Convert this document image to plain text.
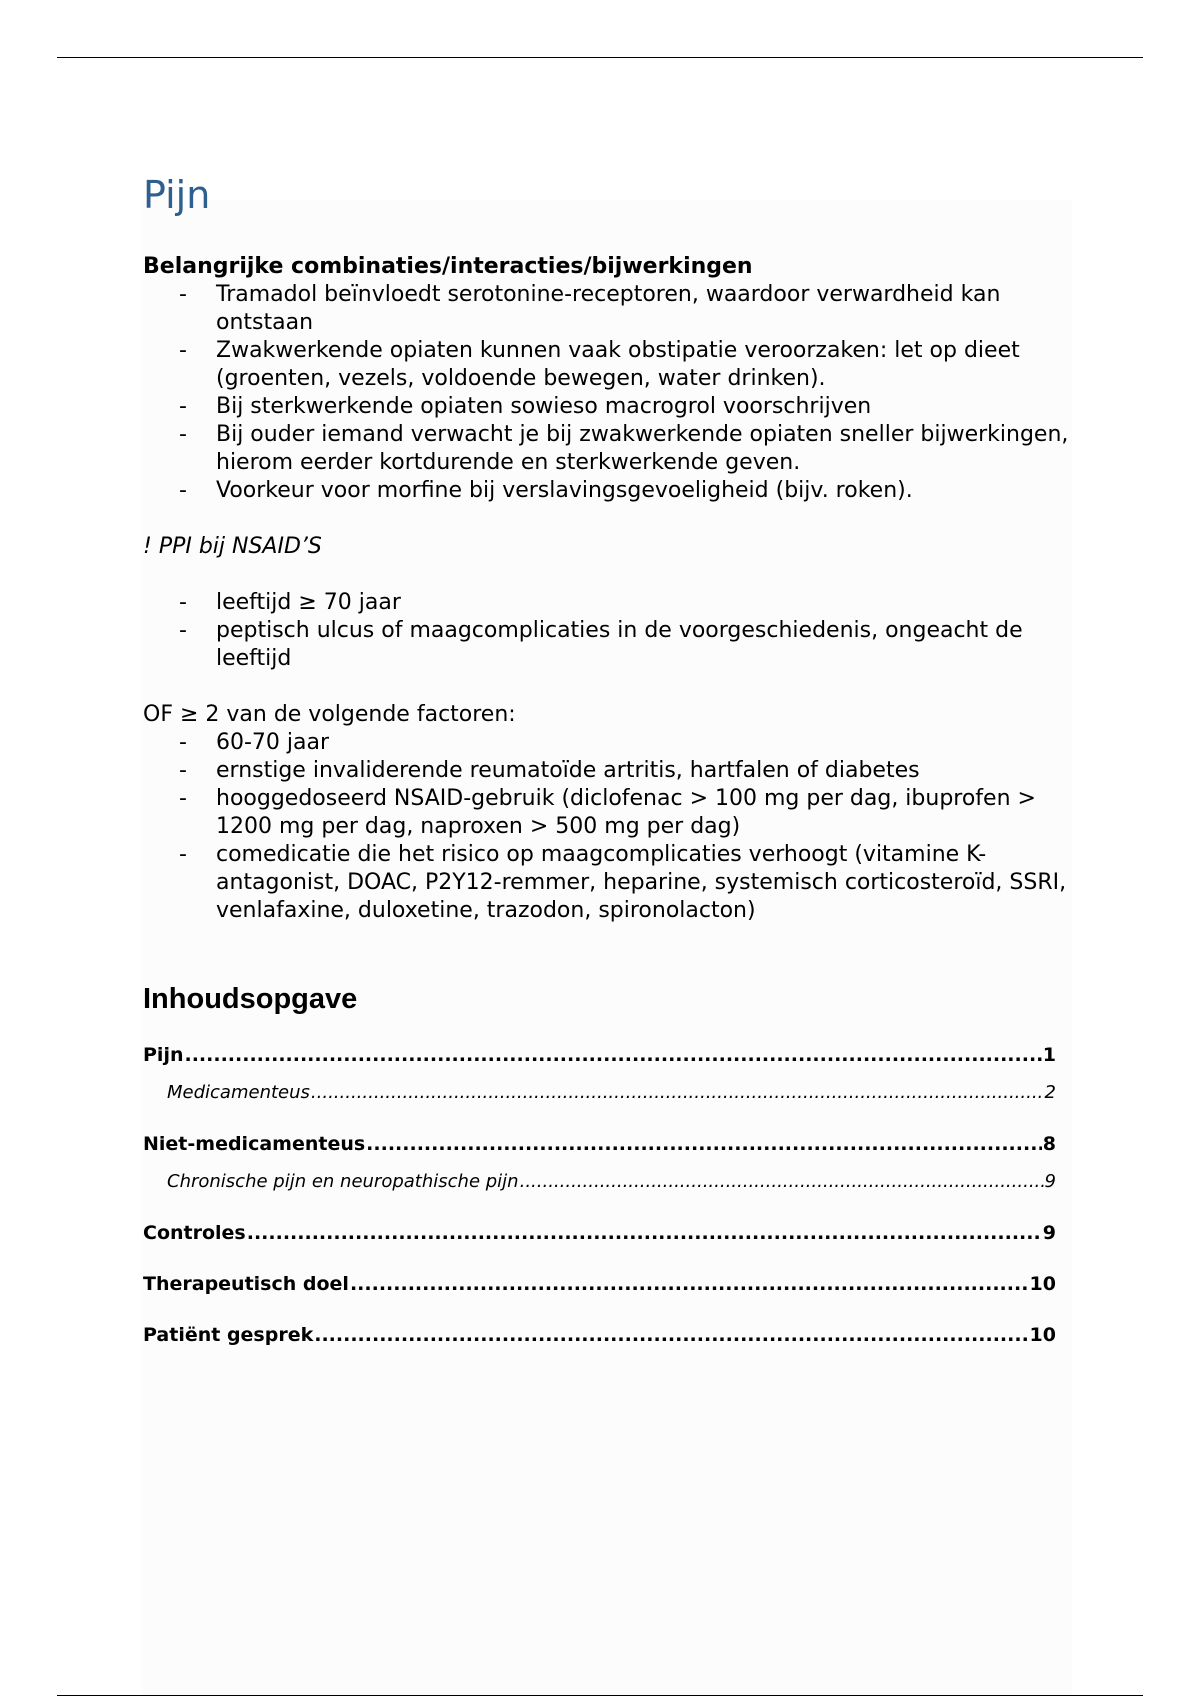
Pijn

Belangrijke combinaties/interacties/bijwerkingen

- Tramadol beïnvloedt serotonine-receptoren, waardoor verwardheid kan ontstaan
- Zwakwerkende opiaten kunnen vaak obstipatie veroorzaken: let op dieet (groenten, vezels, voldoende bewegen, water drinken).
- Bij sterkwerkende opiaten sowieso macrogrol voorschrijven
- Bij ouder iemand verwacht je bij zwakwerkende opiaten sneller bijwerkingen, hierom eerder kortdurende en sterkwerkende geven.
- Voorkeur voor morfine bij verslavingsgevoeligheid (bijv. roken).

! PPI bij NSAID’S

- leeftijd ≥ 70 jaar
- peptisch ulcus of maagcomplicaties in de voorgeschiedenis, ongeacht de leeftijd

OF ≥ 2 van de volgende factoren:

- 60-70 jaar
- ernstige invaliderende reumatoïde artritis, hartfalen of diabetes
- hooggedoseerd NSAID-gebruik (diclofenac > 100 mg per dag, ibuprofen > 1200 mg per dag, naproxen > 500 mg per dag)
- comedicatie die het risico op maagcomplicaties verhoogt (vitamine K-antagonist, DOAC, P2Y12-remmer, heparine, systemisch corticosteroïd, SSRI, venlafaxine, duloxetine, trazodon, spironolacton)
Inhoudsopgave
Pijn .....	1
Medicamenteus .....	2
Niet-medicamenteus .....	8
Chronische pijn en neuropathische pijn .....	9
Controles .....	9
Therapeutisch doel .....	10
Patiënt gesprek .....	10
